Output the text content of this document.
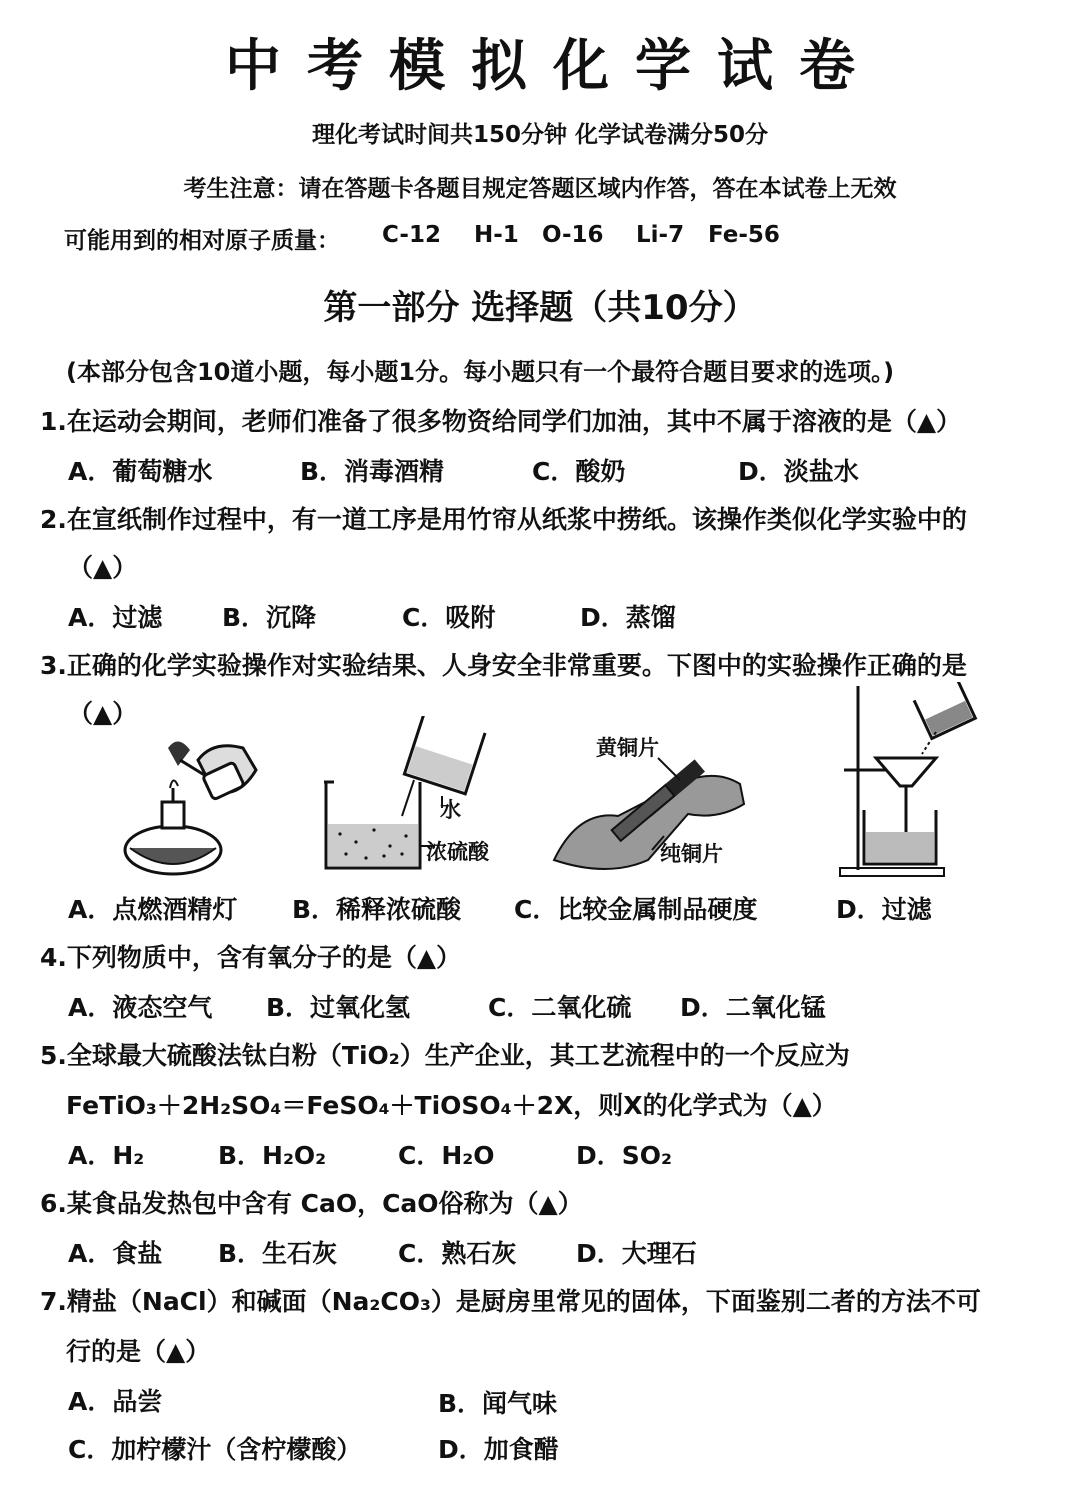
中考模拟化学试卷
理化考试时间共150分钟 化学试卷满分50分
考生注意：请在答题卡各题目规定答题区域内作答，答在本试卷上无效
可能用到的相对原子质量： C-12 H-1 O-16 Li-7 Fe-56
第一部分 选择题（共10分）
(本部分包含10道小题，每小题1分。每小题只有一个最符合题目要求的选项。)
1.在运动会期间，老师们准备了很多物资给同学们加油，其中不属于溶液的是（▲）
A．葡萄糖水	B．消毒酒精	C．酸奶	D．淡盐水
2.在宣纸制作过程中，有一道工序是用竹帘从纸浆中捞纸。该操作类似化学实验中的
（▲）
A．过滤 B．沉降	C．吸附	D．蒸馏
3.正确的化学实验操作对实验结果、人身安全非常重要。下图中的实验操作正确的是
（▲）
水
浓硫酸
黄铜片
纯铜片
A．点燃酒精灯 B．稀释浓硫酸 C．比较金属制品硬度	D．过滤
4.下列物质中，含有氧分子的是（▲）
A．液态空气 B．过氧化氢	C．二氧化硫 D．二氧化锰
5.全球最大硫酸法钛白粉（TiO₂）生产企业，其工艺流程中的一个反应为
FeTiO₃＋2H₂SO₄＝FeSO₄＋TiOSO₄＋2X，则X的化学式为（▲）
A．H₂	B．H₂O₂	C．H₂O	D．SO₂
6.某食品发热包中含有 CaO，CaO俗称为（▲）
A．食盐 B．生石灰 C．熟石灰 D．大理石
7.精盐（NaCl）和碱面（Na₂CO₃）是厨房里常见的固体，下面鉴别二者的方法不可
行的是（▲）
A．品尝	B．闻气味
C．加柠檬汁（含柠檬酸）	D．加食醋
